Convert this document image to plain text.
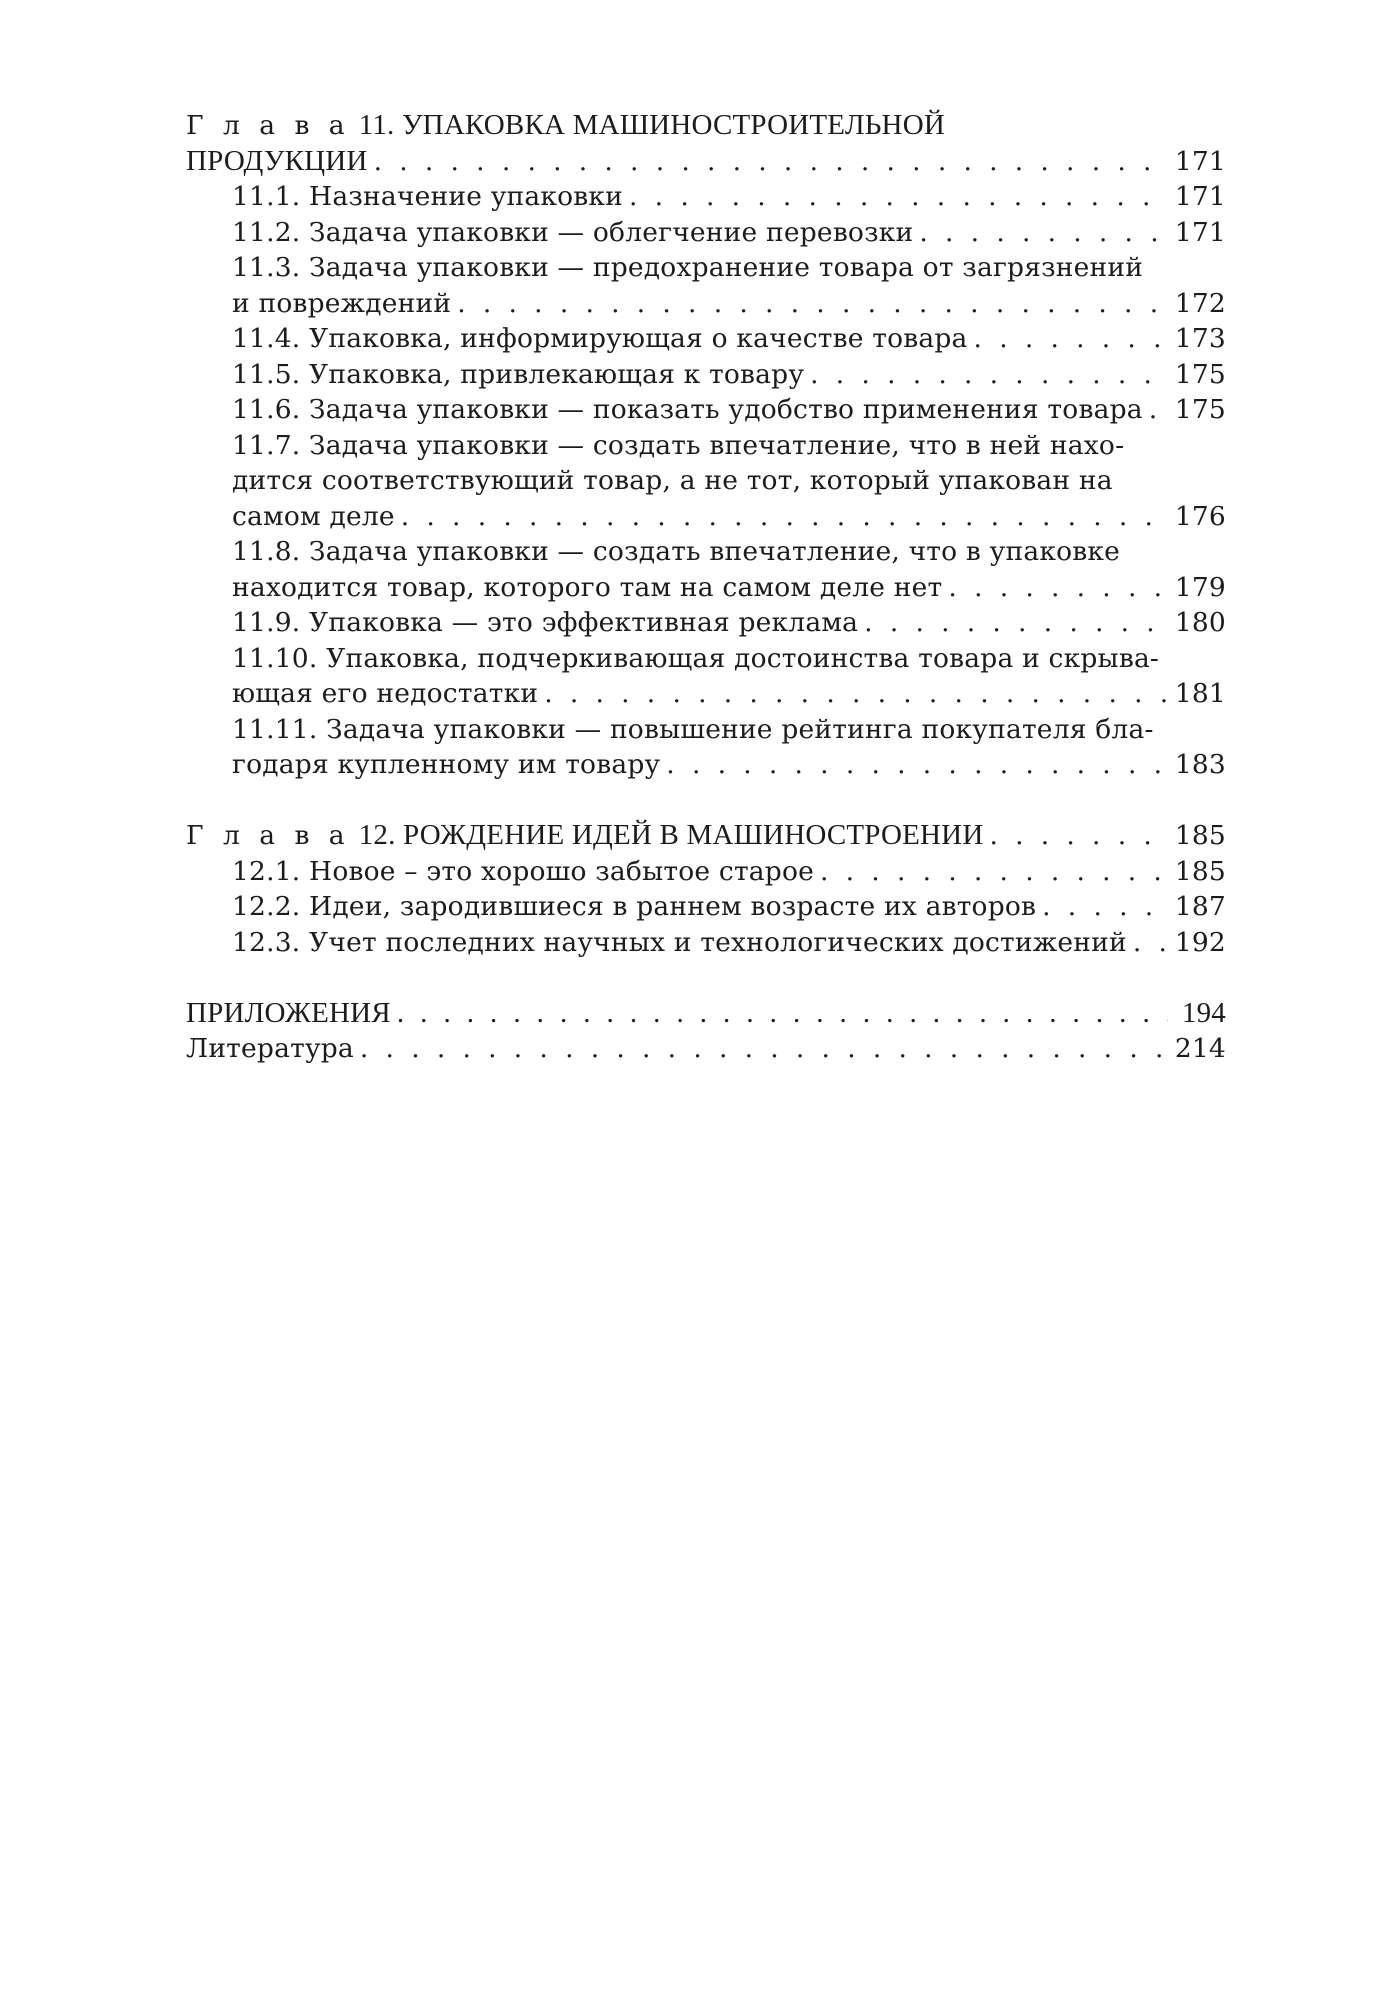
Г л а в а 11. УПАКОВКА МАШИНОСТРОИТЕЛЬНОЙ
ПРОДУКЦИИ . . .	171
11.1. Назначение упаковки . . .	171
11.2. Задача упаковки — облегчение перевозки . . .	171
11.3. Задача упаковки — предохранение товара от загрязнений
и повреждений . . .	172
11.4. Упаковка, информирующая о качестве товара . . .	173
11.5. Упаковка, привлекающая к товару . . .	175
11.6. Задача упаковки — показать удобство применения товара . . . 175
11.7. Задача упаковки — создать впечатление, что в ней нахо-
дится соответствующий товар, а не тот, который упакован на
самом деле . . .	176
11.8. Задача упаковки — создать впечатление, что в упаковке
находится товар, которого там на самом деле нет . . .	179
11.9. Упаковка — это эффективная реклама . . .	180
11.10. Упаковка, подчеркивающая достоинства товара и скрыва-
ющая его недостатки . . .	181
11.11. Задача упаковки — повышение рейтинга покупателя бла-
годаря купленному им товару . . .	183
Г л а в а 12. РОЖДЕНИЕ ИДЕЙ В МАШИНОСТРОЕНИИ . . .	185
12.1. Новое – это хорошо забытое старое . . .	185
12.2. Идеи, зародившиеся в раннем возрасте их авторов . . .	187
12.3. Учет последних научных и технологических достижений . . . 192
ПРИЛОЖЕНИЯ . . .	194
Литература . . .	214
